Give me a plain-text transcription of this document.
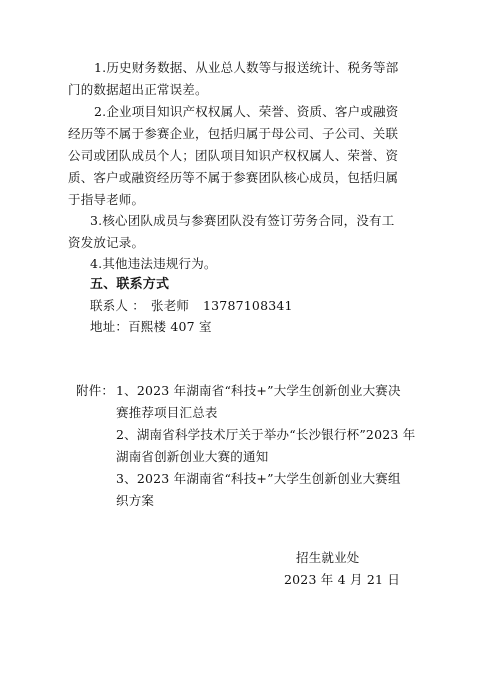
1.历史财务数据、从业总人数等与报送统计、税务等部
门的数据超出正常误差。
2.企业项目知识产权权属人、荣誉、资质、客户或融资
经历等不属于参赛企业，包括归属于母公司、子公司、关联
公司或团队成员个人；团队项目知识产权权属人、荣誉、资
质、客户或融资经历等不属于参赛团队核心成员，包括归属
于指导老师。
3.核心团队成员与参赛团队没有签订劳务合同，没有工
资发放记录。
4.其他违法违规行为。
五、联系方式
联系人 ： 张老师 13787108341
地址：百熙楼 407 室
附件： 1、2023 年湖南省“科技+”大学生创新创业大赛决
赛推荐项目汇总表
2、湖南省科学技术厅关于举办“长沙银行杯”2023 年
湖南省创新创业大赛的通知
3、2023 年湖南省“科技+”大学生创新创业大赛组
织方案
招生就业处
2023 年 4 月 21 日
